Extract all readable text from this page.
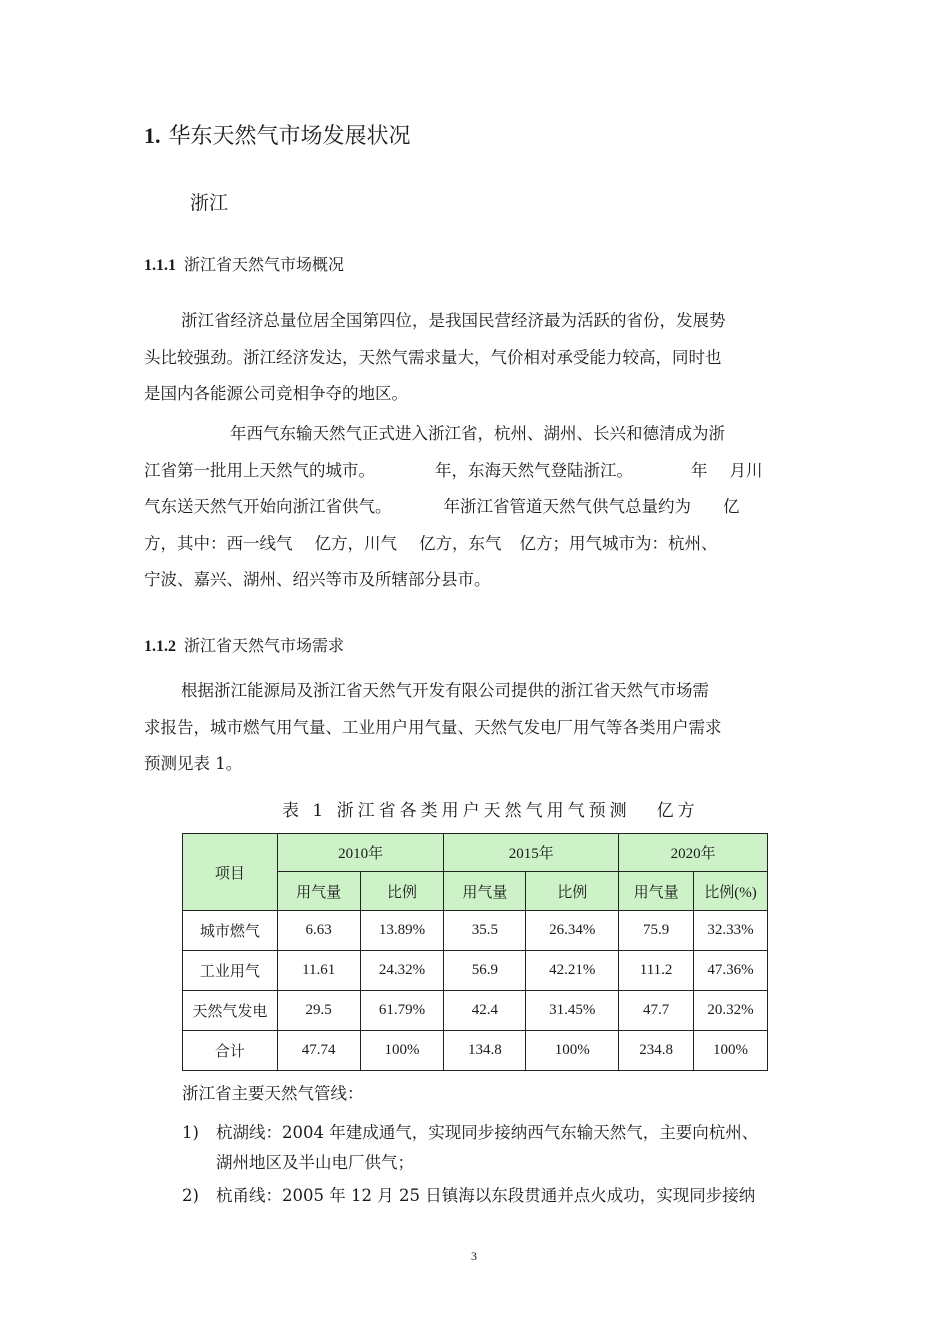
1. 华东天然气市场发展状况
浙江
1.1.1 浙江省天然气市场概况
浙江省经济总量位居全国第四位，是我国民营经济最为活跃的省份，发展势
头比较强劲。浙江经济发达，天然气需求量大，气价相对承受能力较高，同时也
是国内各能源公司竞相争夺的地区。
年西气东输天然气正式进入浙江省，杭州、湖州、长兴和德清成为浙
江省第一批用上天然气的城市。	年，东海天然气登陆浙江。	年 月川
气东送天然气开始向浙江省供气。	年浙江省管道天然气供气总量约为 亿
方，其中：西一线气 亿方，川气 亿方，东气 亿方；用气城市为：杭州、
宁波、嘉兴、湖州、绍兴等市及所辖部分县市。
1.1.2 浙江省天然气市场需求
根据浙江能源局及浙江省天然气开发有限公司提供的浙江省天然气市场需
求报告，城市燃气用气量、工业用户用气量、天然气发电厂用气等各类用户需求
预测见表 1。
表 1 浙江省各类用户天然气用气预测 亿方
项目	2010年		2015年		2020年	
	用气量	比例	用气量	比例	用气量	比例(%)
城市燃气	6.63	13.89%	35.5	26.34%	75.9	32.33%
工业用气	11.61	24.32%	56.9	42.21%	111.2	47.36%
天然气发电	29.5	61.79%	42.4	31.45%	47.7	20.32%
合计	47.74	100%	134.8	100%	234.8	100%
浙江省主要天然气管线：
1) 杭湖线：2004 年建成通气，实现同步接纳西气东输天然气，主要向杭州、
湖州地区及半山电厂供气；
2) 杭甬线：2005 年 12 月 25 日镇海以东段贯通并点火成功，实现同步接纳
3
